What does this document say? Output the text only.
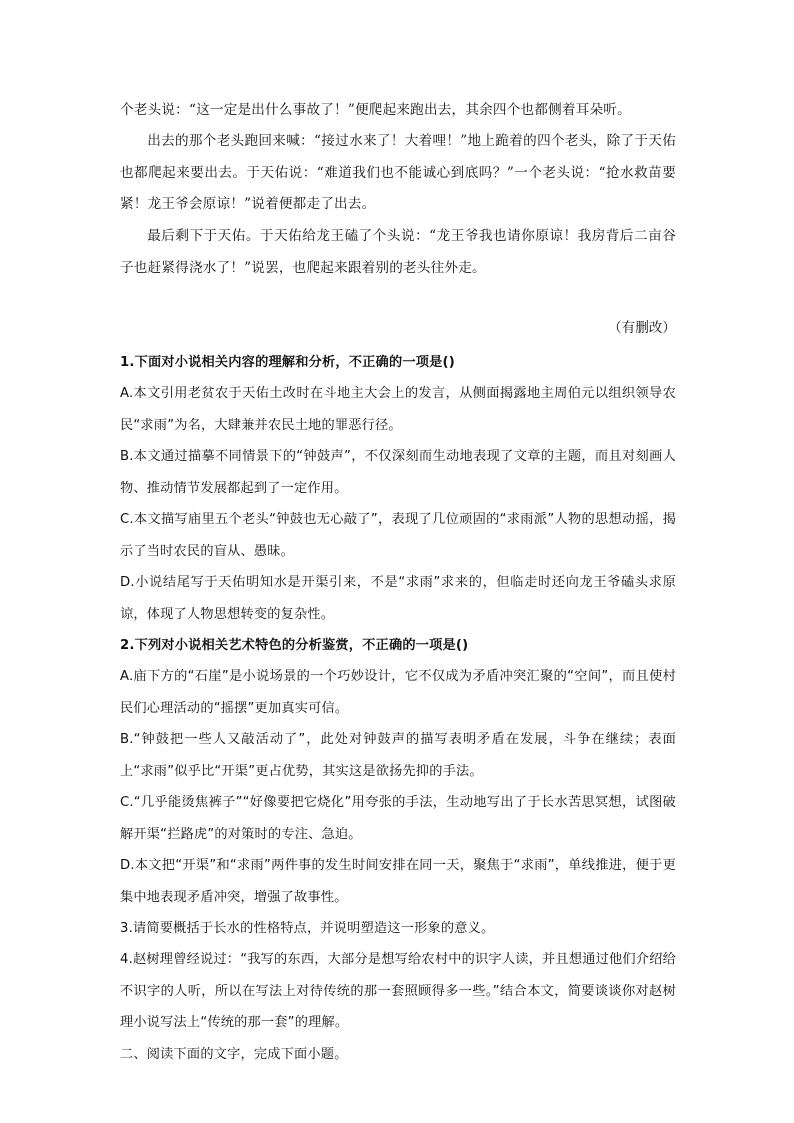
个老头说：“这一定是出什么事故了！”便爬起来跑出去，其余四个也都侧着耳朵听。

出去的那个老头跑回来喊：“接过水来了！大着哩！”地上跪着的四个老头，除了于天佑也都爬起来要出去。于天佑说：“难道我们也不能诚心到底吗？”一个老头说：“抢水救苗要紧！龙王爷会原谅！”说着便都走了出去。

最后剩下于天佑。于天佑给龙王磕了个头说：“龙王爷我也请你原谅！我房背后二亩谷子也赶紧得浇水了！”说罢，也爬起来跟着别的老头往外走。

（有删改）

1.下面对小说相关内容的理解和分析，不正确的一项是()

A.本文引用老贫农于天佑土改时在斗地主大会上的发言，从侧面揭露地主周伯元以组织领导农民“求雨”为名，大肆兼并农民土地的罪恶行径。

B.本文通过描摹不同情景下的“钟鼓声”，不仅深刻而生动地表现了文章的主题，而且对刻画人物、推动情节发展都起到了一定作用。

C.本文描写庙里五个老头“钟鼓也无心敲了”，表现了几位顽固的“求雨派”人物的思想动摇，揭示了当时农民的盲从、愚昧。

D.小说结尾写于天佑明知水是开渠引来，不是“求雨”求来的，但临走时还向龙王爷磕头求原谅，体现了人物思想转变的复杂性。

2.下列对小说相关艺术特色的分析鉴赏，不正确的一项是()

A.庙下方的“石崖”是小说场景的一个巧妙设计，它不仅成为矛盾冲突汇聚的“空间”，而且使村民们心理活动的“摇摆”更加真实可信。

B.“钟鼓把一些人又敲活动了”，此处对钟鼓声的描写表明矛盾在发展，斗争在继续；表面上“求雨”似乎比“开渠”更占优势，其实这是欲扬先抑的手法。

C.“几乎能烫焦裤子”“好像要把它烧化”用夸张的手法，生动地写出了于长水苦思冥想，试图破解开渠“拦路虎”的对策时的专注、急迫。

D.本文把“开渠”和“求雨”两件事的发生时间安排在同一天，聚焦于“求雨”，单线推进，便于更集中地表现矛盾冲突，增强了故事性。

3.请简要概括于长水的性格特点，并说明塑造这一形象的意义。

4.赵树理曾经说过：“我写的东西，大部分是想写给农村中的识字人读，并且想通过他们介绍给不识字的人听，所以在写法上对待传统的那一套照顾得多一些。”结合本文，简要谈谈你对赵树理小说写法上“传统的那一套”的理解。

二、阅读下面的文字，完成下面小题。
